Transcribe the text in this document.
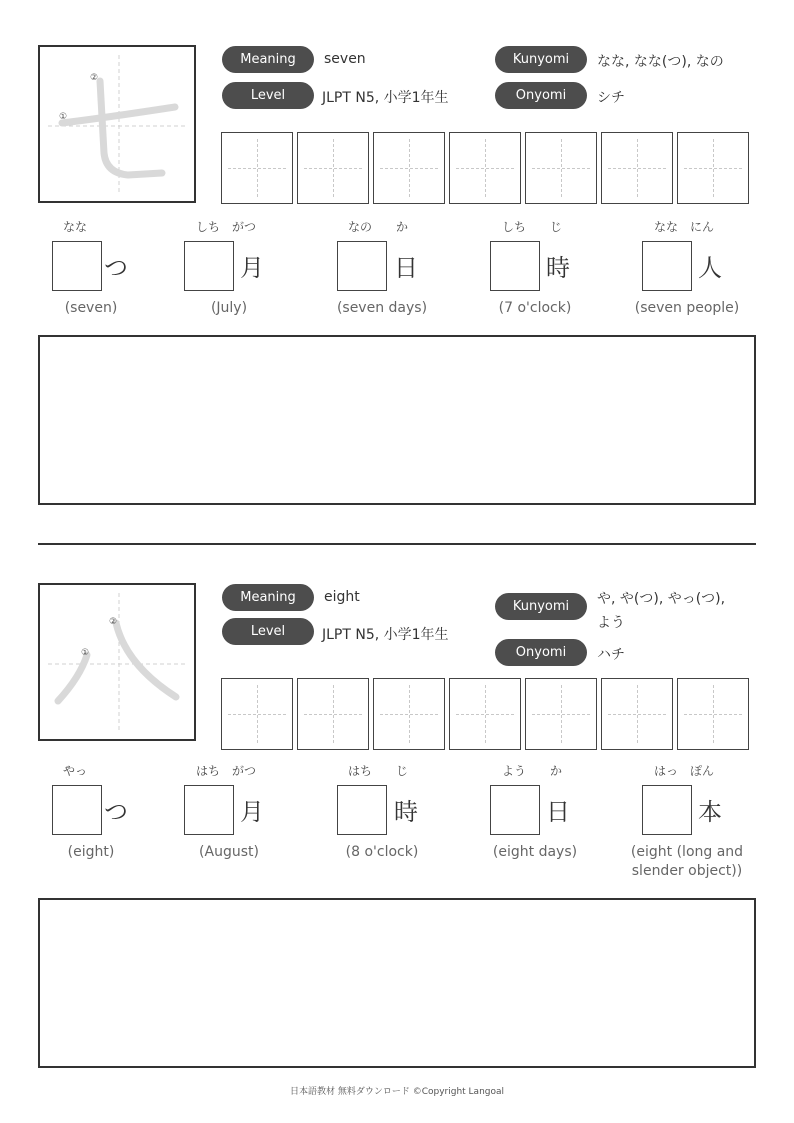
①
②
Meaning	seven
Level	JLPT N5, 小学1年生
Kunyomi	なな, なな(つ), なの
Onyomi	シチ
なな
つ
(seven)
しち　がつ
月
(July)
なの　　か
日
(seven days)
しち　　じ
時
(7 o'clock)
なな　にん
人
(seven people)
①
②
Meaning	eight
Level	JLPT N5, 小学1年生
Kunyomi	や, や(つ), やっ(つ),
よう
Onyomi	ハチ
やっ
つ
(eight)
はち　がつ
月
(August)
はち　　じ
時
(8 o'clock)
よう　　か
日
(eight days)
はっ　ぽん
本
(eight (long and slender object))
日本語教材 無料ダウンロード ©Copyright Langoal
